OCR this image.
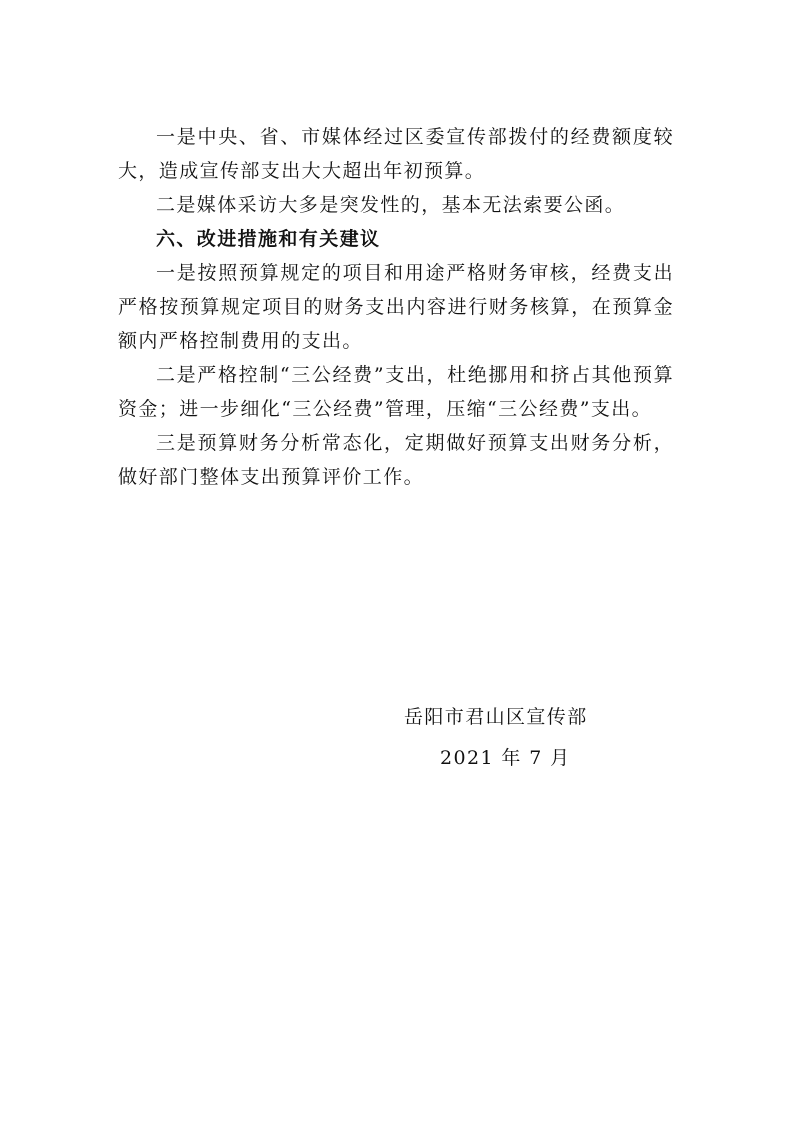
一是中央、省、市媒体经过区委宣传部拨付的经费额度较大，造成宣传部支出大大超出年初预算。

二是媒体采访大多是突发性的，基本无法索要公函。

六、改进措施和有关建议

一是按照预算规定的项目和用途严格财务审核，经费支出严格按预算规定项目的财务支出内容进行财务核算，在预算金额内严格控制费用的支出。

二是严格控制“三公经费”支出，杜绝挪用和挤占其他预算资金；进一步细化“三公经费”管理，压缩“三公经费”支出。

三是预算财务分析常态化，定期做好预算支出财务分析，做好部门整体支出预算评价工作。

岳阳市君山区宣传部
2021 年 7 月
